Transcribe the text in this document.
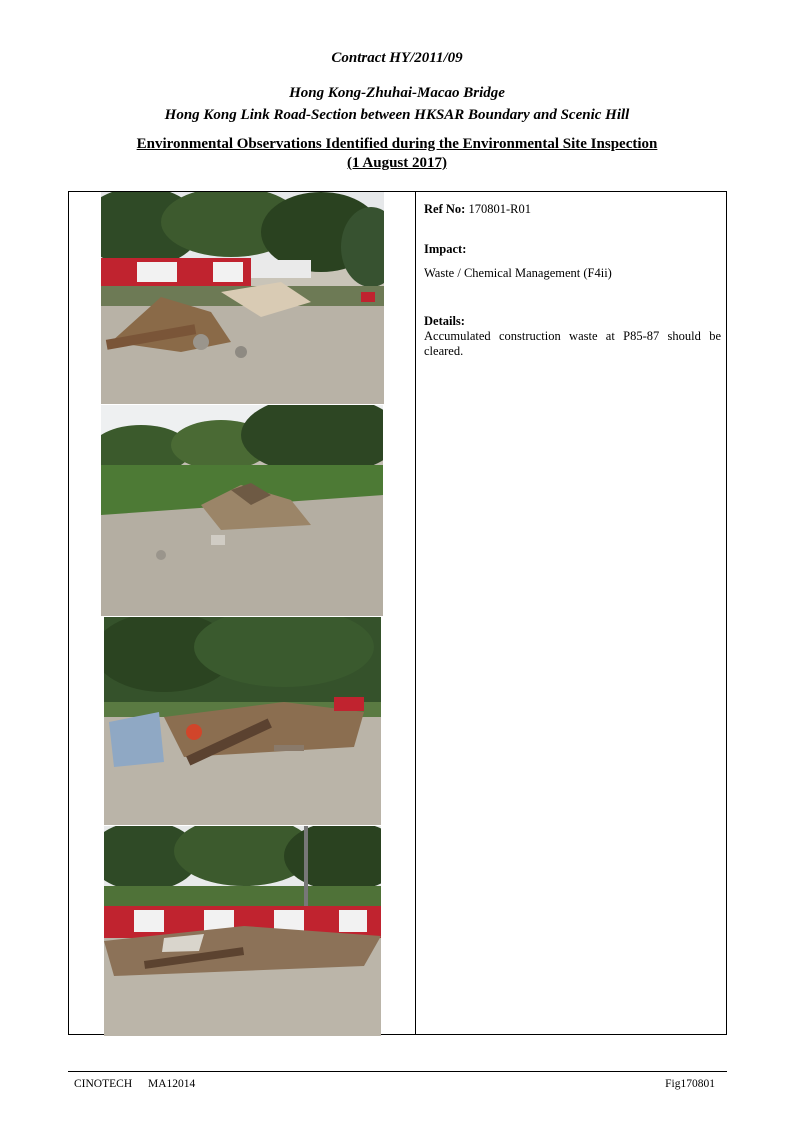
Contract HY/2011/09
Hong Kong-Zhuhai-Macao Bridge
Hong Kong Link Road-Section between HKSAR Boundary and Scenic Hill
Environmental Observations Identified during the Environmental Site Inspection
(1 August 2017)
Ref No: 170801-R01
Impact:
Waste / Chemical Management (F4ii)
Details:
Accumulated construction waste at P85-87 should be cleared.
CINOTECH MA12014	Fig170801
